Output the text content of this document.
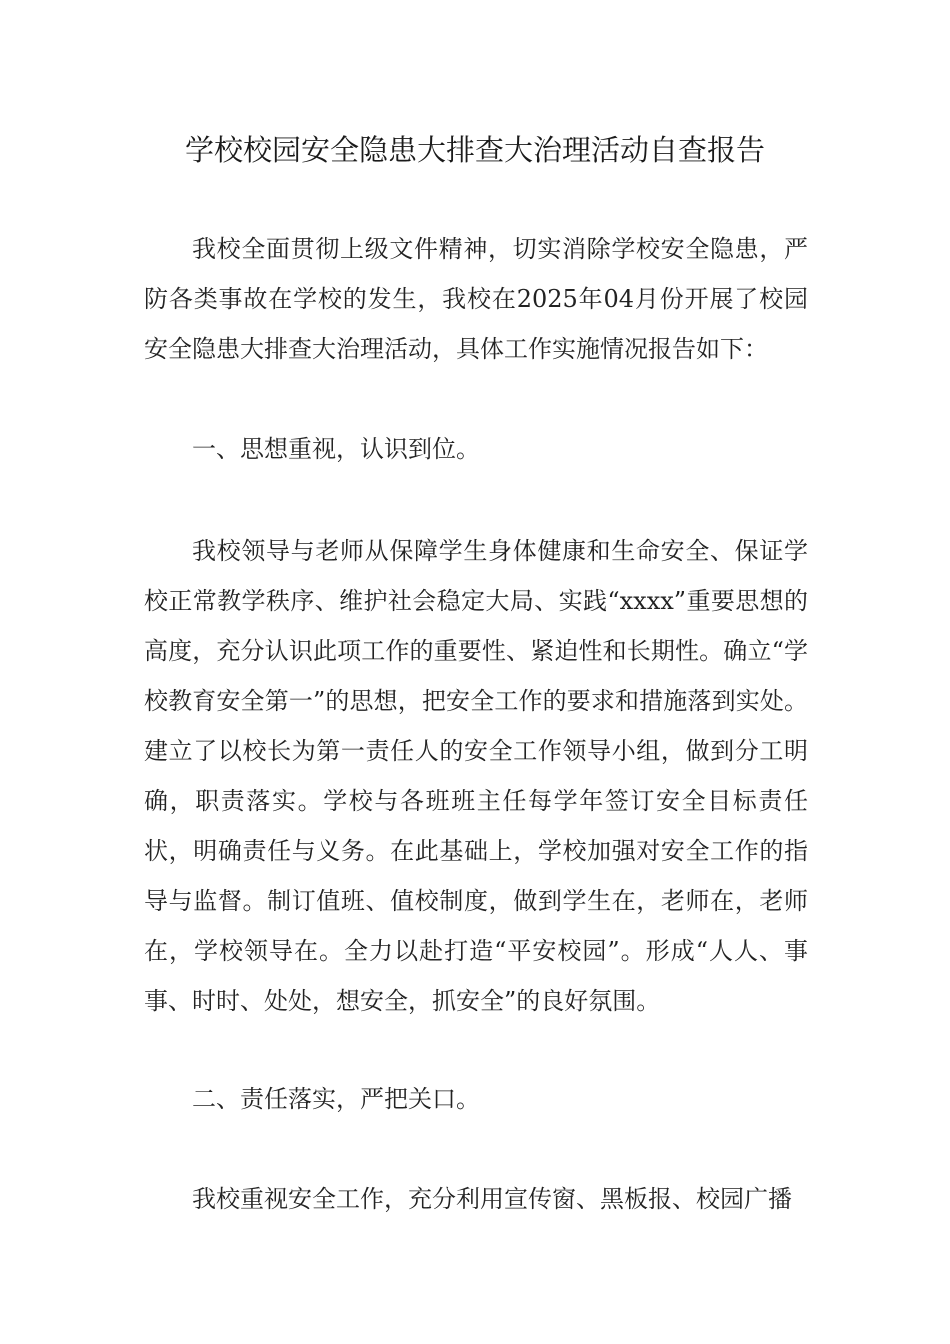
学校校园安全隐患大排查大治理活动自查报告

我校全面贯彻上级文件精神，切实消除学校安全隐患，严防各类事故在学校的发生，我校在2025年04月份开展了校园安全隐患大排查大治理活动，具体工作实施情况报告如下：

一、思想重视，认识到位。

我校领导与老师从保障学生身体健康和生命安全、保证学校正常教学秩序、维护社会稳定大局、实践“xxxx”重要思想的高度，充分认识此项工作的重要性、紧迫性和长期性。确立“学校教育安全第一”的思想，把安全工作的要求和措施落到实处。建立了以校长为第一责任人的安全工作领导小组，做到分工明确，职责落实。学校与各班班主任每学年签订安全目标责任状，明确责任与义务。在此基础上，学校加强对安全工作的指导与监督。制订值班、值校制度，做到学生在，老师在，老师在，学校领导在。全力以赴打造“平安校园”。形成“人人、事事、时时、处处，想安全，抓安全”的良好氛围。

二、责任落实，严把关口。

我校重视安全工作，充分利用宣传窗、黑板报、校园广播
